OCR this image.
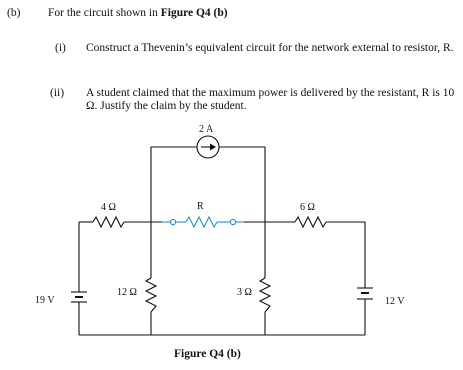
(b) For the circuit shown in Figure Q4 (b)
(i) Construct a Thevenin’s equivalent circuit for the network external to resistor, R.
(ii) A student claimed that the maximum power is delivered by the resistant, R is 10 Ω. Justify the claim by the student.
2 A
4 Ω	R	6 Ω
19 V
12 Ω	3 Ω
12 V
Figure Q4 (b)
